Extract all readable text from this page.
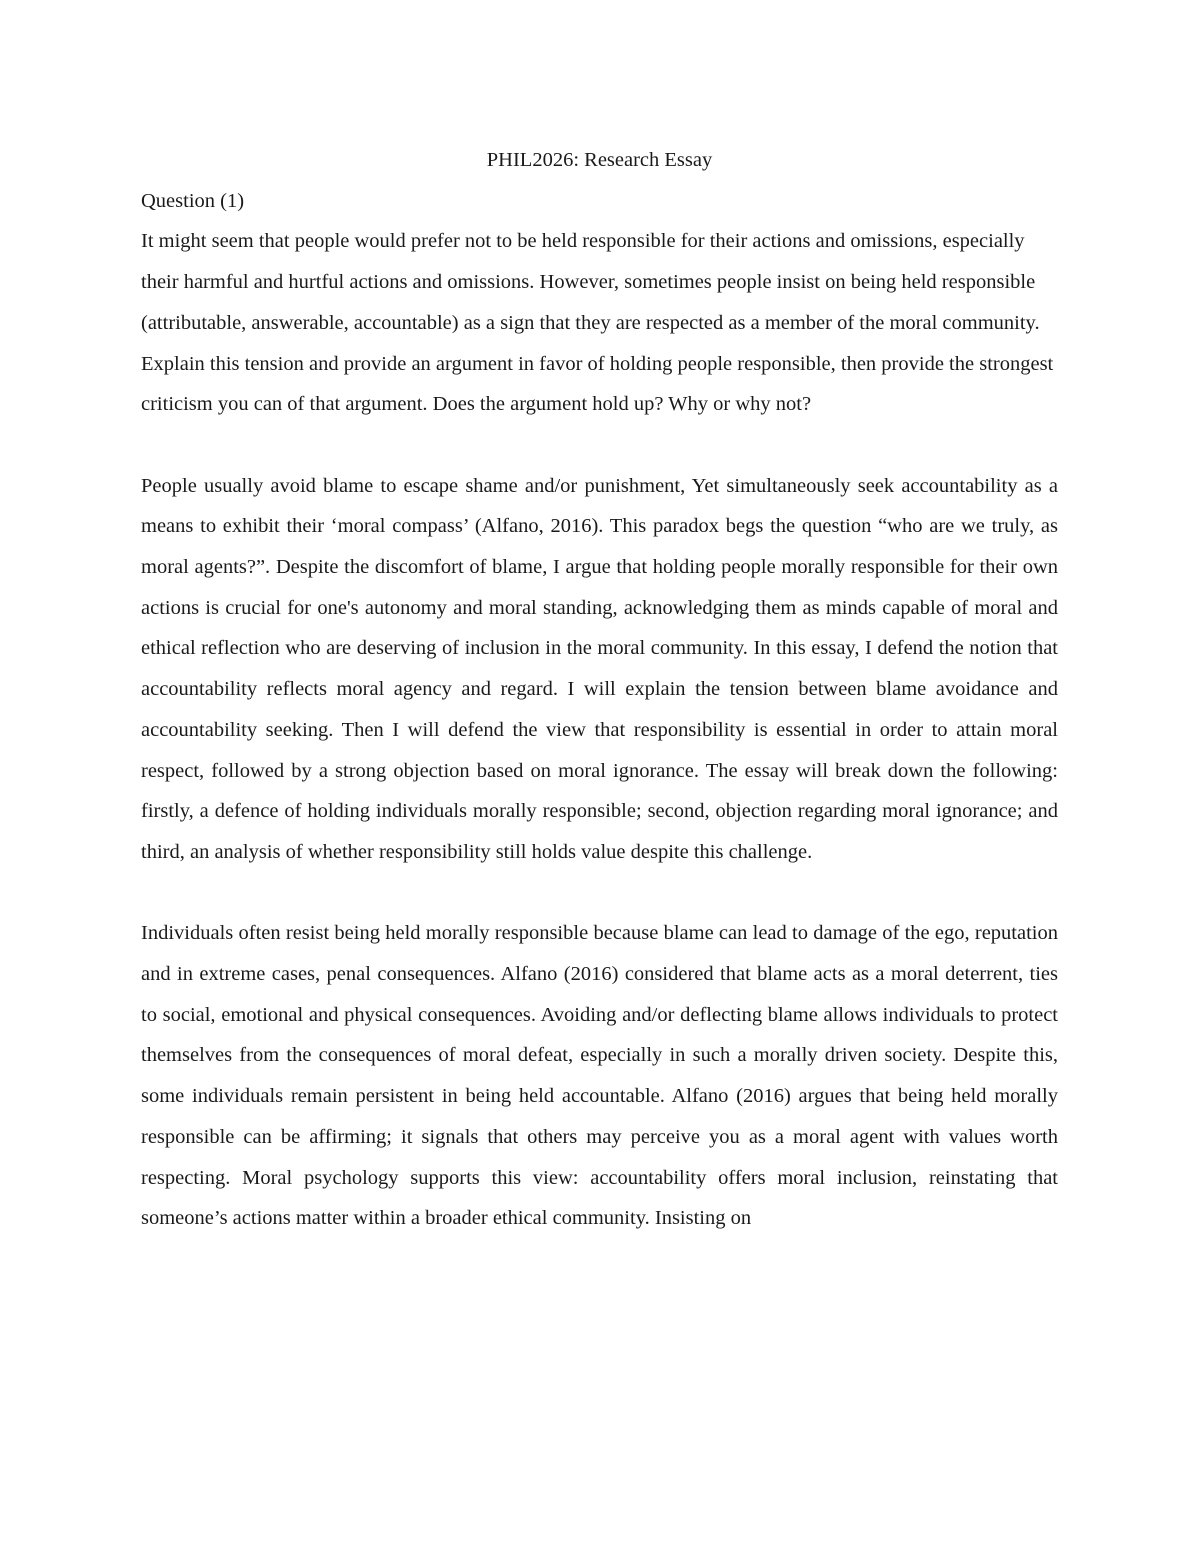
PHIL2026: Research Essay

Question (1)

It might seem that people would prefer not to be held responsible for their actions and omissions, especially their harmful and hurtful actions and omissions. However, sometimes people insist on being held responsible (attributable, answerable, accountable) as a sign that they are respected as a member of the moral community. Explain this tension and provide an argument in favor of holding people responsible, then provide the strongest criticism you can of that argument. Does the argument hold up? Why or why not?

People usually avoid blame to escape shame and/or punishment, Yet simultaneously seek accountability as a means to exhibit their ‘moral compass’ (Alfano, 2016). This paradox begs the question “who are we truly, as moral agents?”. Despite the discomfort of blame, I argue that holding people morally responsible for their own actions is crucial for one's autonomy and moral standing, acknowledging them as minds capable of moral and ethical reflection who are deserving of inclusion in the moral community. In this essay, I defend the notion that accountability reflects moral agency and regard. I will explain the tension between blame avoidance and accountability seeking. Then I will defend the view that responsibility is essential in order to attain moral respect, followed by a strong objection based on moral ignorance. The essay will break down the following: firstly, a defence of holding individuals morally responsible; second, objection regarding moral ignorance; and third, an analysis of whether responsibility still holds value despite this challenge.

Individuals often resist being held morally responsible because blame can lead to damage of the ego, reputation and in extreme cases, penal consequences. Alfano (2016) considered that blame acts as a moral deterrent, ties to social, emotional and physical consequences. Avoiding and/or deflecting blame allows individuals to protect themselves from the consequences of moral defeat, especially in such a morally driven society. Despite this, some individuals remain persistent in being held accountable. Alfano (2016) argues that being held morally responsible can be affirming; it signals that others may perceive you as a moral agent with values worth respecting. Moral psychology supports this view: accountability offers moral inclusion, reinstating that someone’s actions matter within a broader ethical community. Insisting on
